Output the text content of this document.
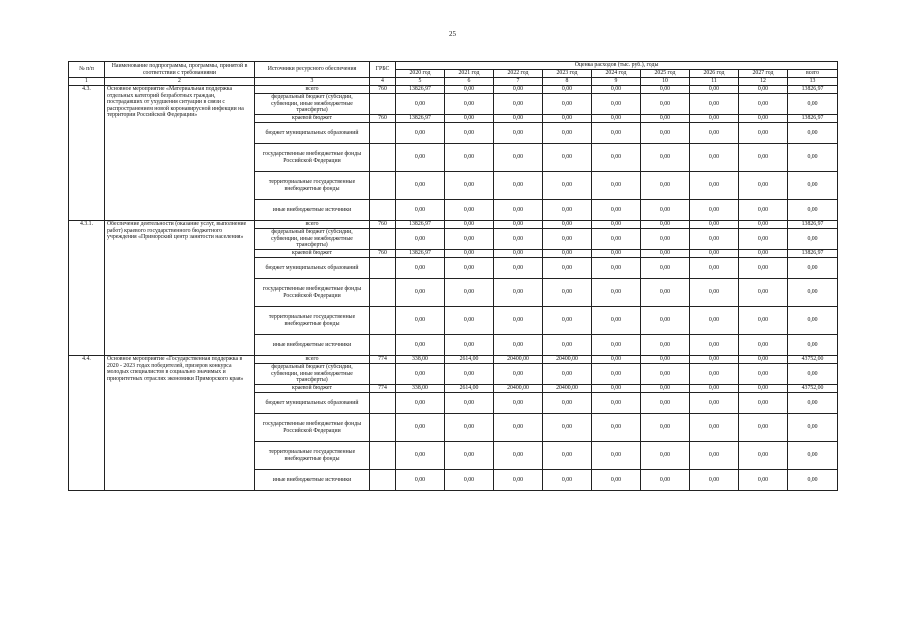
25
№ п/п	Наименование подпрограммы, программы, принятой в соответствии с требованиями	Источники ресурсного обеспечения	ГРБС	Оценка расходов (тыс. руб.), годы								
				2020 год	2021 год	2022 год	2023 год	2024 год	2025 год	2026 год	2027 год	всего
1	2	3	4	5	6	7	8	9	10	11	12	13
4.3.	Основное мероприятие «Материальная поддержка отдельных категорий безработных граждан, пострадавших от ухудшения ситуации в связи с распространением новой коронавирусной инфекции на территории Российской Федерации»	всего	760	13826,97	0,00	0,00	0,00	0,00	0,00	0,00	0,00	13826,97
		федеральный бюджет (субсидии, субвенции, иные межбюджетные трансферты)		0,00	0,00	0,00	0,00	0,00	0,00	0,00	0,00	0,00
		краевой бюджет	760	13826,97	0,00	0,00	0,00	0,00	0,00	0,00	0,00	13826,97
		бюджет муниципальных образований		0,00	0,00	0,00	0,00	0,00	0,00	0,00	0,00	0,00
		государственные внебюджетные фонды Российской Федерации		0,00	0,00	0,00	0,00	0,00	0,00	0,00	0,00	0,00
		территориальные государственные внебюджетные фонды		0,00	0,00	0,00	0,00	0,00	0,00	0,00	0,00	0,00
		иные внебюджетные источники		0,00	0,00	0,00	0,00	0,00	0,00	0,00	0,00	0,00
4.3.1.	Обеспечение деятельности (оказание услуг, выполнение работ) краевого государственного бюджетного учреждения «Приморский центр занятости населения»	всего	760	13826,97	0,00	0,00	0,00	0,00	0,00	0,00	0,00	13826,97
		федеральный бюджет (субсидии, субвенции, иные межбюджетные трансферты)		0,00	0,00	0,00	0,00	0,00	0,00	0,00	0,00	0,00
		краевой бюджет	760	13826,97	0,00	0,00	0,00	0,00	0,00	0,00	0,00	13826,97
		бюджет муниципальных образований		0,00	0,00	0,00	0,00	0,00	0,00	0,00	0,00	0,00
		государственные внебюджетные фонды Российской Федерации		0,00	0,00	0,00	0,00	0,00	0,00	0,00	0,00	0,00
		территориальные государственные внебюджетные фонды		0,00	0,00	0,00	0,00	0,00	0,00	0,00	0,00	0,00
		иные внебюджетные источники		0,00	0,00	0,00	0,00	0,00	0,00	0,00	0,00	0,00
4.4.	Основное мероприятие «Государственная поддержка в 2020 - 2023 годах победителей, призеров конкурса молодых специалистов в социально значимых и приоритетных отраслях экономики Приморского края»	всего	774	338,00	2614,00	20400,00	20400,00	0,00	0,00	0,00	0,00	43752,00
		федеральный бюджет (субсидии, субвенции, иные межбюджетные трансферты)		0,00	0,00	0,00	0,00	0,00	0,00	0,00	0,00	0,00
		краевой бюджет	774	338,00	2614,00	20400,00	20400,00	0,00	0,00	0,00	0,00	43752,00
		бюджет муниципальных образований		0,00	0,00	0,00	0,00	0,00	0,00	0,00	0,00	0,00
		государственные внебюджетные фонды Российской Федерации		0,00	0,00	0,00	0,00	0,00	0,00	0,00	0,00	0,00
		территориальные государственные внебюджетные фонды		0,00	0,00	0,00	0,00	0,00	0,00	0,00	0,00	0,00
		иные внебюджетные источники		0,00	0,00	0,00	0,00	0,00	0,00	0,00	0,00	0,00
